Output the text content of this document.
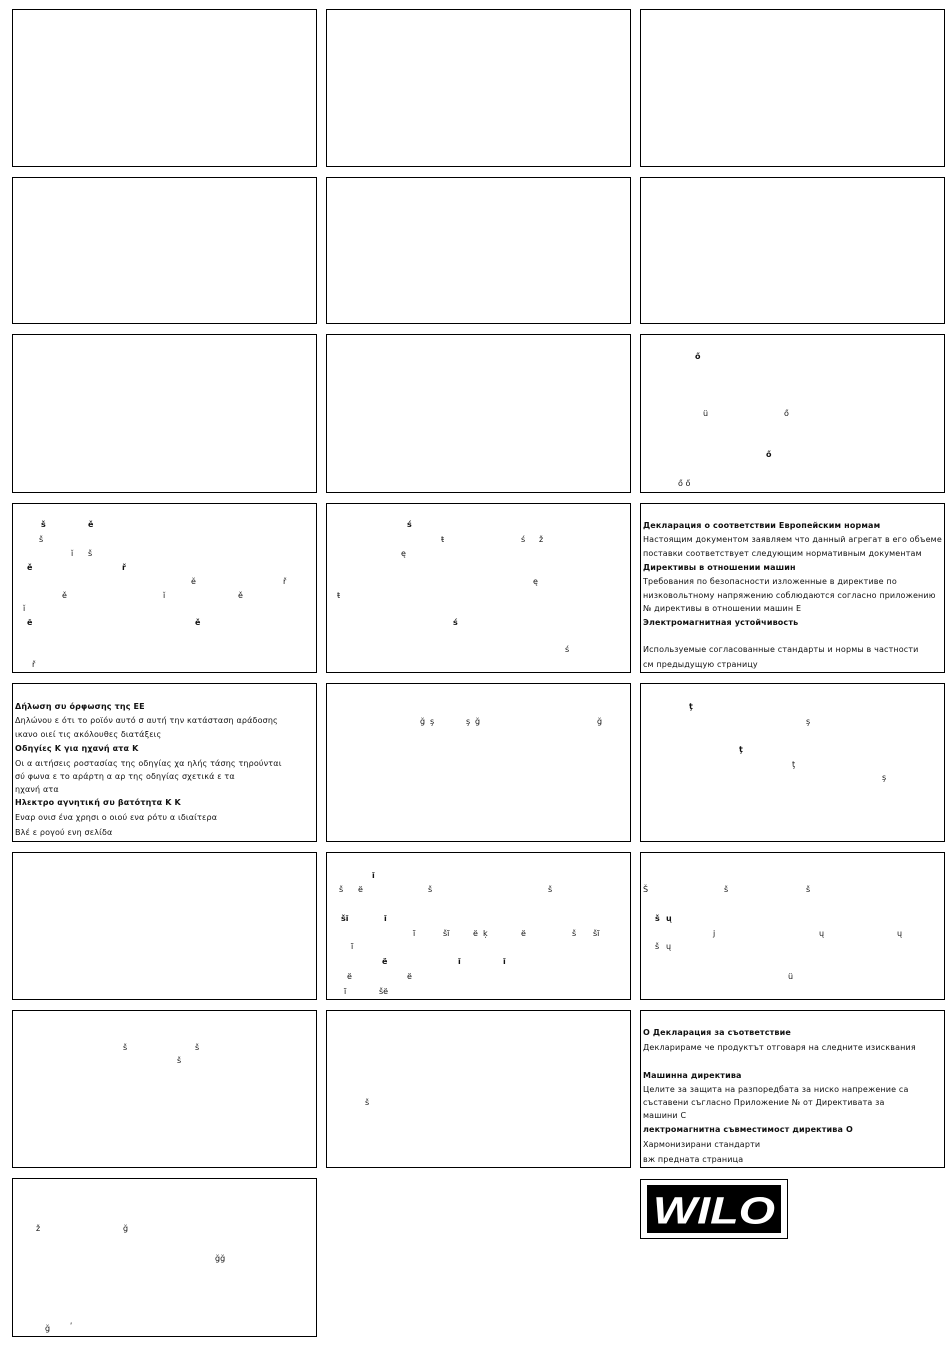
ő
ü	ő
ő
ő ő
š	ě
š
ĭ š
ě	ř
ĕ	ř
ě	ĭ	ě
ĭ
ĕ	ě
ř
ś
ŧ	ś ž
ę
ę
ŧ
ś
ś
Декларация о соответствии Европейским нормам
Настоящим документом заявляем что данный агрегат в его объеме
поставки соответствует следующим нормативным документам
Директивы в отношении машин
Требования по безопасности изложенные в директиве по
низковольтному напряжению соблюдаются согласно приложению
№ директивы в отношении машин Е
Электромагнитная устойчивость
Используемые согласованные стандарты и нормы в частности
см предыдущую страницу
Δήλωση συ όρφωσης της ΕΕ
Δηλώνου ε ότι το ροϊόν αυτό σ αυτή την κατάσταση αράδοσης
ικανο οιεί τις ακόλουθες διατάξεις
Οδηγίες Κ για ηχανή ατα Κ
Οι α αιτήσεις ροστασίας της οδηγίας χα ηλής τάσης τηρούνται
σύ φωνα ε το αράρτη α αρ της οδηγίας σχετικά ε τα
ηχανή ατα
Ηλεκτρο αγνητική συ βατότητα Κ Κ
Εναρ ονισ ένα χρησι ο οιού ενα ρότυ α ιδιαίτερα
Βλέ ε ρογού ενη σελίδα
ğ ş	ş ğ	ğ
ţ
ş
ţ
ţ
ş
ĩ
š ë	š	š
šĩ	ĩ
ĩ	šĩ	ë ķ	ë	š šĩ
ĩ
ë	ĩ	ĩ
ë	ë
ĩ	šë
Š	š	š
š ų
j	ų	ų
š ų
ü
š	š
š
š
О Декларация за съответствие
Декларираме че продуктът отговаря на следните изисквания
Машинна директива
Целите за защита на разпоредбата за ниско напрежение са
съставени съгласно Приложение № от Директивата за
машини С
лектромагнитна съвместимост директива О
Хармонизирани стандарти
вж предната страница
ž	ğ
ğğ
ğ ʹ
WILO
